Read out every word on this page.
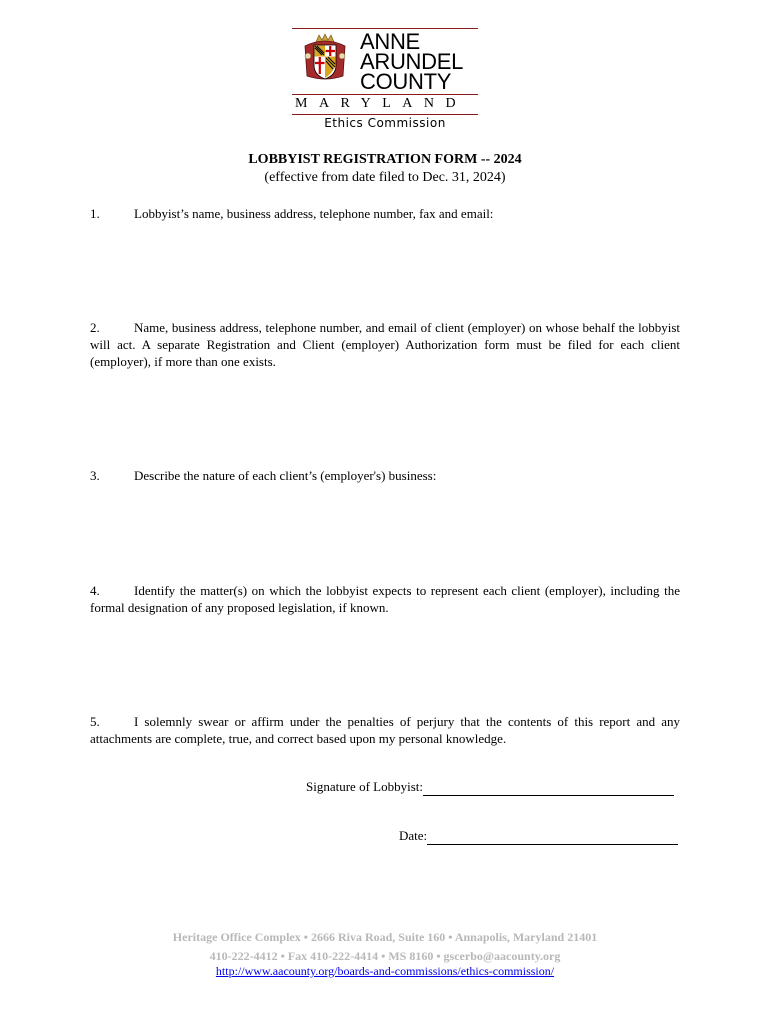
ANNE
ARUNDEL
COUNTY
MARYLAND
Ethics Commission
LOBBYIST REGISTRATION FORM -- 2024
(effective from date filed to Dec. 31, 2024)
1.	Lobbyist’s name, business address, telephone number, fax and email:
2.	Name, business address, telephone number, and email of client (employer) on whose behalf the lobbyist will act. A separate Registration and Client (employer) Authorization form must be filed for each client (employer), if more than one exists.
3.	Describe the nature of each client’s (employer's) business:
4.	Identify the matter(s) on which the lobbyist expects to represent each client (employer), including the formal designation of any proposed legislation, if known.
5.	I solemnly swear or affirm under the penalties of perjury that the contents of this report and any attachments are complete, true, and correct based upon my personal knowledge.
Signature of Lobbyist:
Date:
Heritage Office Complex • 2666 Riva Road, Suite 160 • Annapolis, Maryland 21401
410-222-4412 • Fax 410-222-4414 • MS 8160 • gscerbo@aacounty.org
http://www.aacounty.org/boards-and-commissions/ethics-commission/
